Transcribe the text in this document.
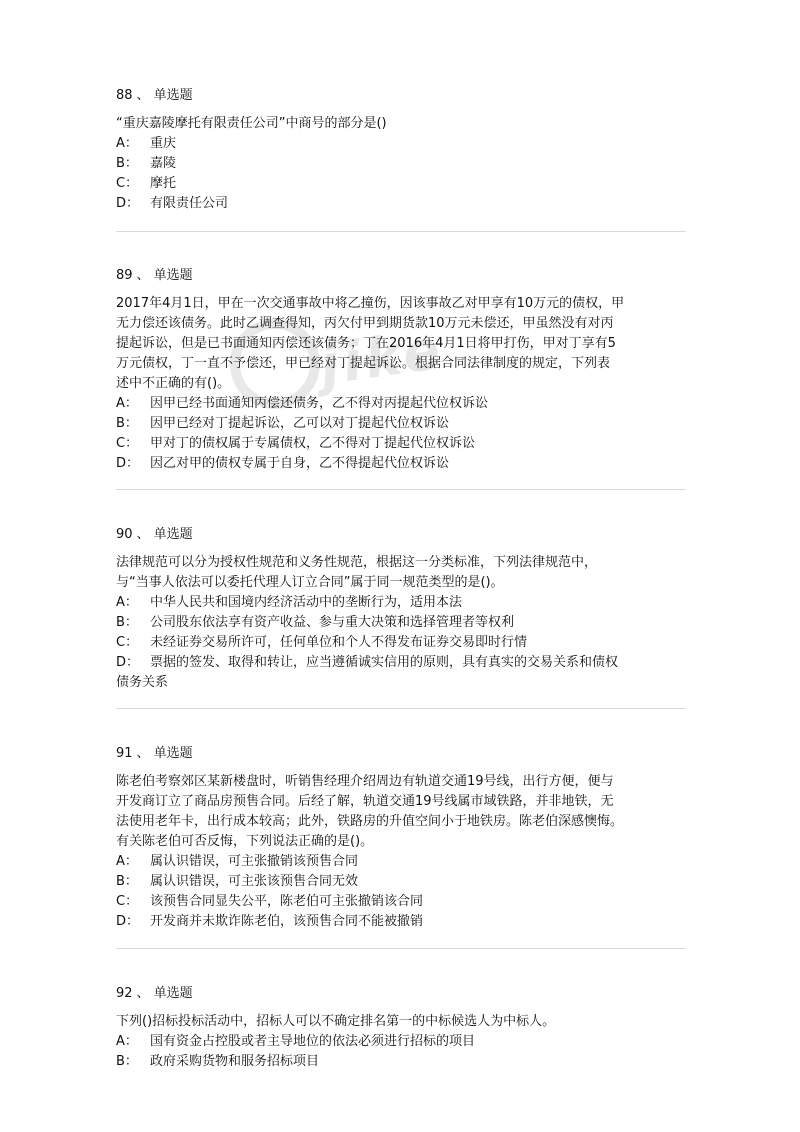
jike
88 、 单选题
“重庆嘉陵摩托有限责任公司”中商号的部分是()
A： 重庆
B： 嘉陵
C： 摩托
D： 有限责任公司
89 、 单选题
2017年4月1日，甲在一次交通事故中将乙撞伤，因该事故乙对甲享有10万元的债权，甲
无力偿还该债务。此时乙调查得知，丙欠付甲到期货款10万元未偿还，甲虽然没有对丙
提起诉讼，但是已书面通知丙偿还该债务；丁在2016年4月1日将甲打伤，甲对丁享有5
万元债权，丁一直不予偿还，甲已经对丁提起诉讼。根据合同法律制度的规定，下列表
述中不正确的有()。
A： 因甲已经书面通知丙偿还债务，乙不得对丙提起代位权诉讼
B： 因甲已经对丁提起诉讼，乙可以对丁提起代位权诉讼
C： 甲对丁的债权属于专属债权，乙不得对丁提起代位权诉讼
D： 因乙对甲的债权专属于自身，乙不得提起代位权诉讼
90 、 单选题
法律规范可以分为授权性规范和义务性规范，根据这一分类标准，下列法律规范中，
与“当事人依法可以委托代理人订立合同”属于同一规范类型的是()。
A： 中华人民共和国境内经济活动中的垄断行为，适用本法
B： 公司股东依法享有资产收益、参与重大决策和选择管理者等权利
C： 未经证券交易所许可，任何单位和个人不得发布证券交易即时行情
D： 票据的签发、取得和转让，应当遵循诚实信用的原则，具有真实的交易关系和债权
债务关系
91 、 单选题
陈老伯考察郊区某新楼盘时，听销售经理介绍周边有轨道交通19号线，出行方便，便与
开发商订立了商品房预售合同。后经了解，轨道交通19号线属市域铁路，并非地铁，无
法使用老年卡，出行成本较高；此外，铁路房的升值空间小于地铁房。陈老伯深感懊悔。
有关陈老伯可否反悔，下列说法正确的是()。
A： 属认识错误，可主张撤销该预售合同
B： 属认识错误，可主张该预售合同无效
C： 该预售合同显失公平，陈老伯可主张撤销该合同
D： 开发商并未欺诈陈老伯，该预售合同不能被撤销
92 、 单选题
下列()招标投标活动中，招标人可以不确定排名第一的中标候选人为中标人。
A： 国有资金占控股或者主导地位的依法必须进行招标的项目
B： 政府采购货物和服务招标项目
